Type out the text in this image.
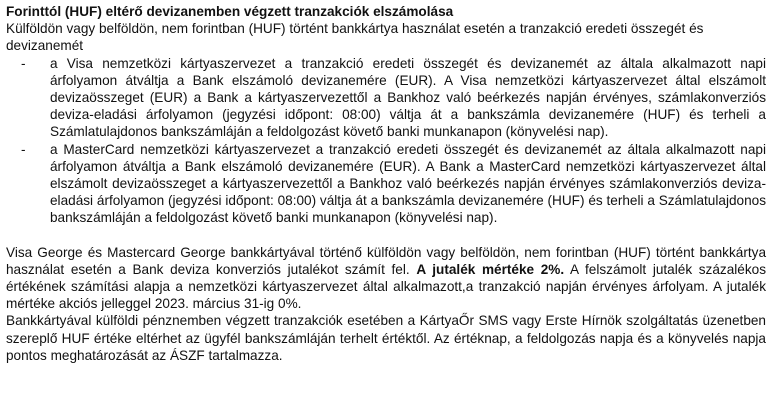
Forinttól (HUF) eltérő devizanemben végzett tranzakciók elszámolása
Külföldön vagy belföldön, nem forintban (HUF) történt bankkártya használat esetén a tranzakció eredeti összegét és devizanemét
- a Visa nemzetközi kártyaszervezet a tranzakció eredeti összegét és devizanemét az általa alkalmazott napi árfolyamon átváltja a Bank elszámoló devizanemére (EUR). A Visa nemzetközi kártyaszervezet által elszámolt devizaösszeget (EUR) a Bank a kártyaszervezettől a Bankhoz való beérkezés napján érvényes, számlakonverziós deviza-eladási árfolyamon (jegyzési időpont: 08:00) váltja át a bankszámla devizanemére (HUF) és terheli a Számlatulajdonos bankszámláján a feldolgozást követő banki munkanapon (könyvelési nap).
- a MasterCard nemzetközi kártyaszervezet a tranzakció eredeti összegét és devizanemét az általa alkalmazott napi árfolyamon átváltja a Bank elszámoló devizanemére (EUR). A Bank a MasterCard nemzetközi kártyaszervezet által elszámolt devizaösszeget a kártyaszervezettől a Bankhoz való beérkezés napján érvényes számlakonverziós deviza-eladási árfolyamon (jegyzési időpont: 08:00) váltja át a bankszámla devizanemére (HUF) és terheli a Számlatulajdonos bankszámláján a feldolgozást követő banki munkanapon (könyvelési nap).
Visa George és Mastercard George bankkártyával történő külföldön vagy belföldön, nem forintban (HUF) történt bankkártya használat esetén a Bank deviza konverziós jutalékot számít fel. A jutalék mértéke 2%. A felszámolt jutalék százalékos értékének számítási alapja a nemzetközi kártyaszervezet által alkalmazott,a tranzakció napján érvényes árfolyam. A jutalék mértéke akciós jelleggel 2023. március 31-ig 0%.
Bankkártyával külföldi pénznemben végzett tranzakciók esetében a KártyaŐr SMS vagy Erste Hírnök szolgáltatás üzenetben szereplő HUF értéke eltérhet az ügyfél bankszámláján terhelt értéktől. Az értéknap, a feldolgozás napja és a könyvelés napja pontos meghatározását az ÁSZF tartalmazza.
